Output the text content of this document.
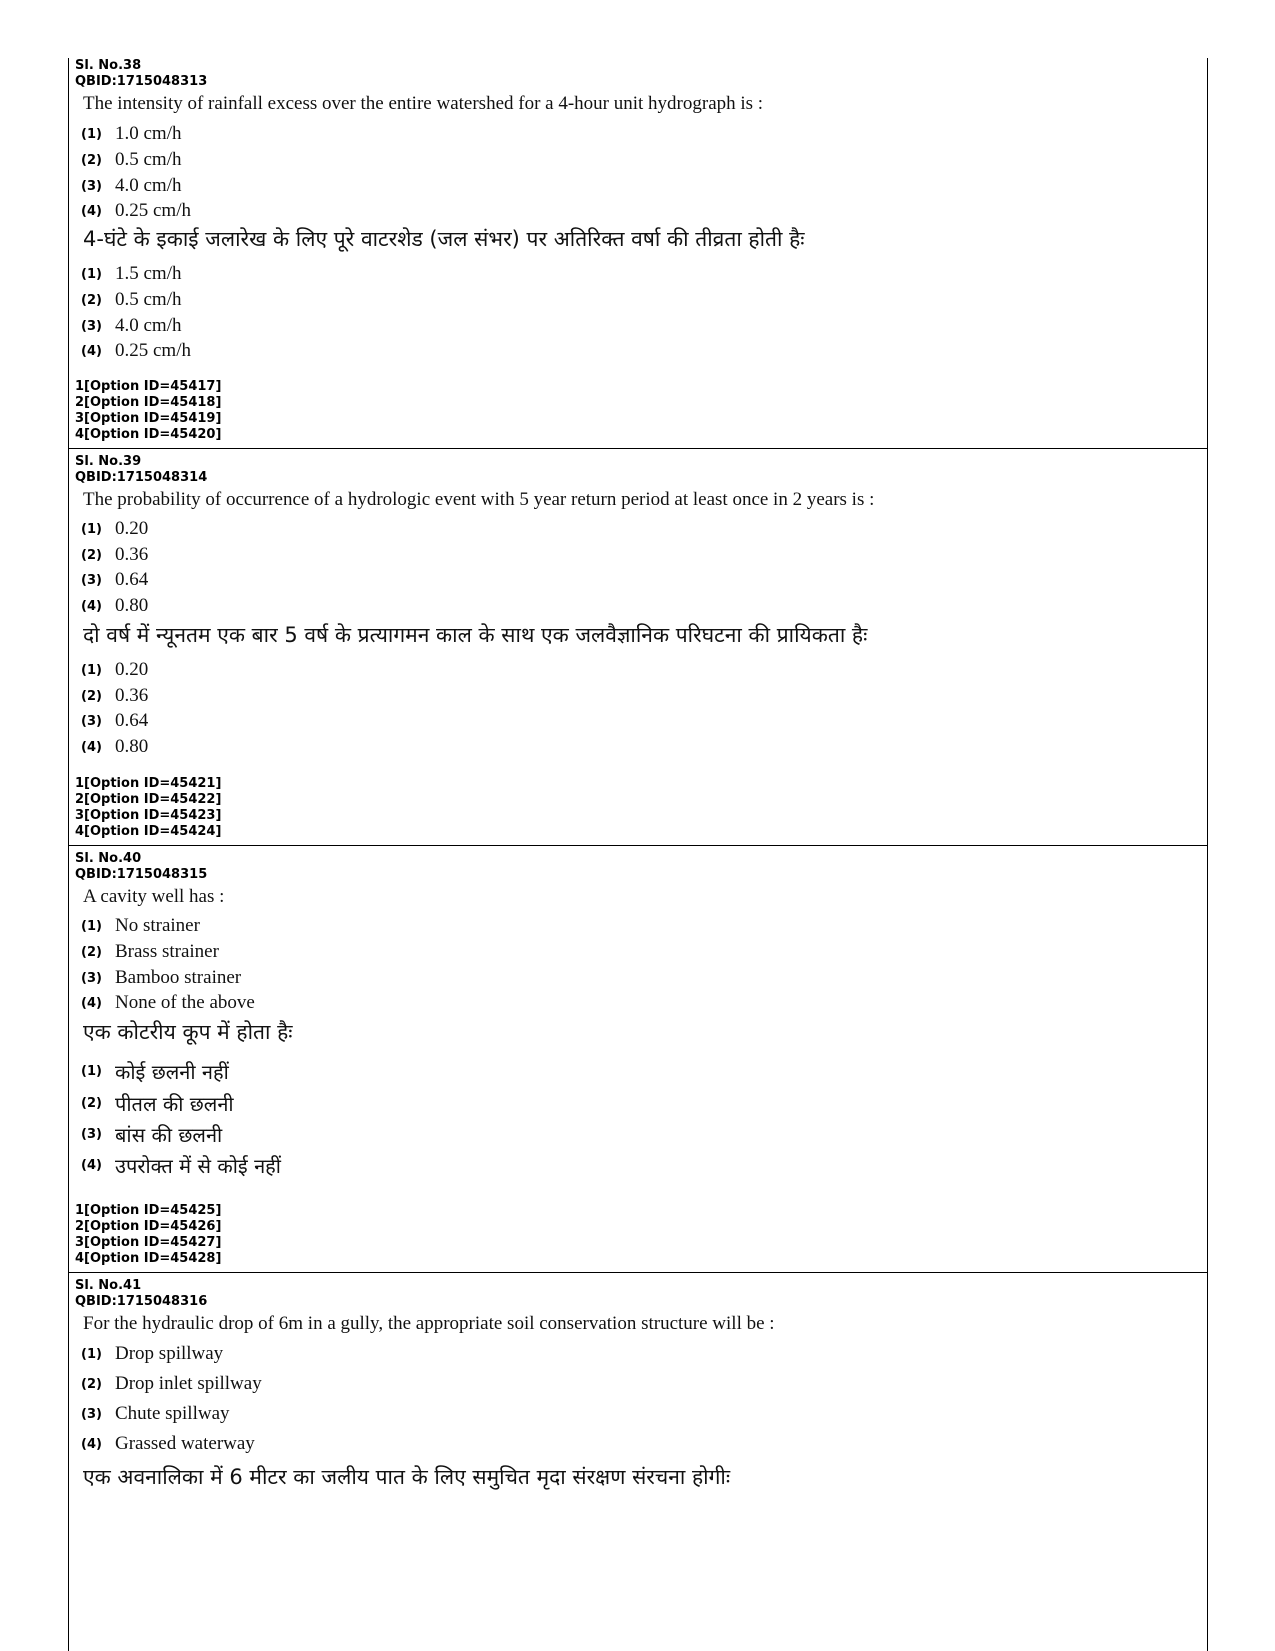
Sl. No.38
QBID:1715048313
The intensity of rainfall excess over the entire watershed for a 4-hour unit hydrograph is :
(1) 1.0 cm/h
(2) 0.5 cm/h
(3) 4.0 cm/h
(4) 0.25 cm/h
4-घंटे के इकाई जलारेख के लिए पूरे वाटरशेड (जल संभर) पर अतिरिक्त वर्षा की तीव्रता होती हैः
(1) 1.5 cm/h
(2) 0.5 cm/h
(3) 4.0 cm/h
(4) 0.25 cm/h
1[Option ID=45417]
2[Option ID=45418]
3[Option ID=45419]
4[Option ID=45420]
Sl. No.39
QBID:1715048314
The probability of occurrence of a hydrologic event with 5 year return period at least once in 2 years is :
(1) 0.20
(2) 0.36
(3) 0.64
(4) 0.80
दो वर्ष में न्यूनतम एक बार 5 वर्ष के प्रत्यागमन काल के साथ एक जलवैज्ञानिक परिघटना की प्रायिकता हैः
(1) 0.20
(2) 0.36
(3) 0.64
(4) 0.80
1[Option ID=45421]
2[Option ID=45422]
3[Option ID=45423]
4[Option ID=45424]
Sl. No.40
QBID:1715048315
A cavity well has :
(1) No strainer
(2) Brass strainer
(3) Bamboo strainer
(4) None of the above
एक कोटरीय कूप में होता हैः
(1) कोई छलनी नहीं
(2) पीतल की छलनी
(3) बांस की छलनी
(4) उपरोक्त में से कोई नहीं
1[Option ID=45425]
2[Option ID=45426]
3[Option ID=45427]
4[Option ID=45428]
Sl. No.41
QBID:1715048316
For the hydraulic drop of 6m in a gully, the appropriate soil conservation structure will be :
(1) Drop spillway
(2) Drop inlet spillway
(3) Chute spillway
(4) Grassed waterway
एक अवनालिका में 6 मीटर का जलीय पात के लिए समुचित मृदा संरक्षण संरचना होगीः
